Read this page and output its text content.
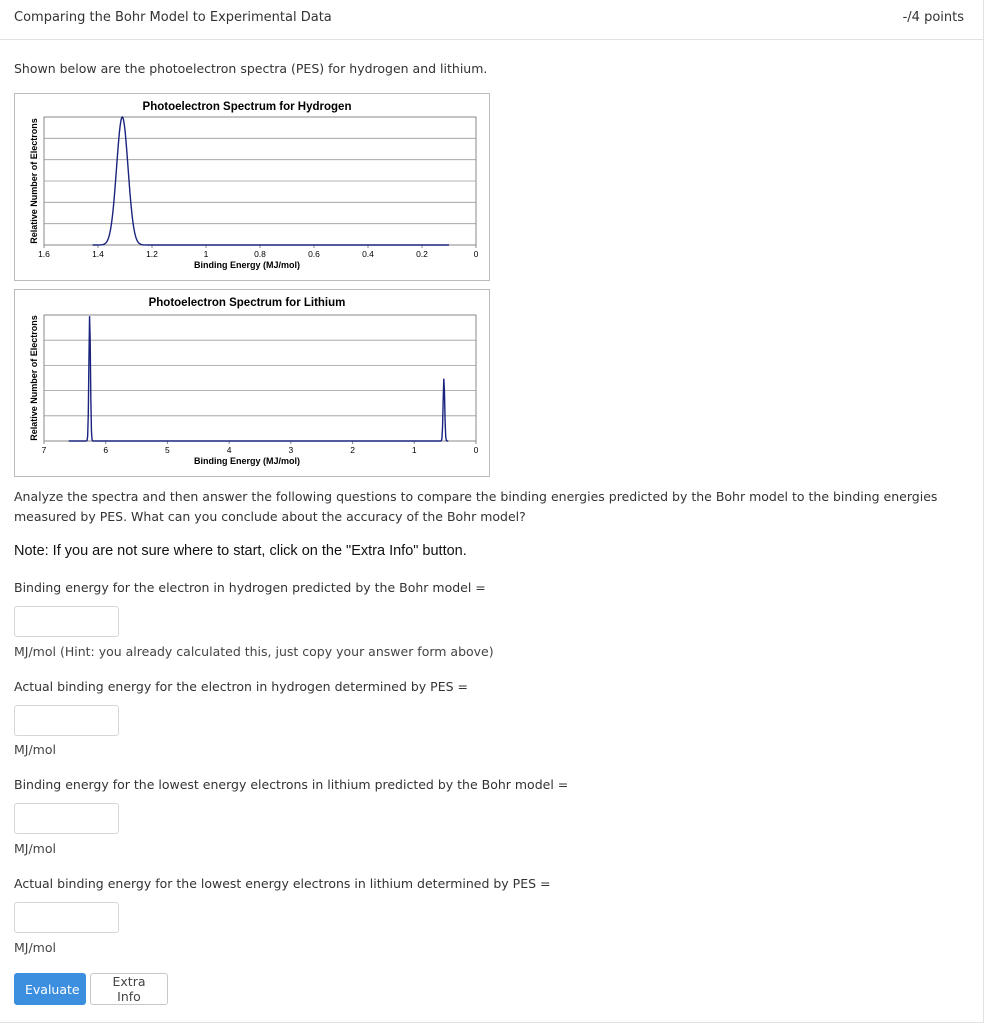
Comparing the Bohr Model to Experimental Data	-/4 points
Shown below are the photoelectron spectra (PES) for hydrogen and lithium.
Photoelectron Spectrum for Hydrogen
Relative Number of Electrons
1.6	1.4	1.2	1	0.8	0.6	0.4	0.2	0
Binding Energy (MJ/mol)
Photoelectron Spectrum for Lithium
Relative Number of Electrons
7	6	5	4	3	2	1	0
Binding Energy (MJ/mol)
Analyze the spectra and then answer the following questions to compare the binding energies predicted by the Bohr model to the binding energies measured by PES. What can you conclude about the accuracy of the Bohr model?
Note: If you are not sure where to start, click on the "Extra Info" button.
Binding energy for the electron in hydrogen predicted by the Bohr model =
MJ/mol (Hint: you already calculated this, just copy your answer form above)
Actual binding energy for the electron in hydrogen determined by PES =
MJ/mol
Binding energy for the lowest energy electrons in lithium predicted by the Bohr model =
MJ/mol
Actual binding energy for the lowest energy electrons in lithium determined by PES =
MJ/mol
Evaluate	Extra Info
